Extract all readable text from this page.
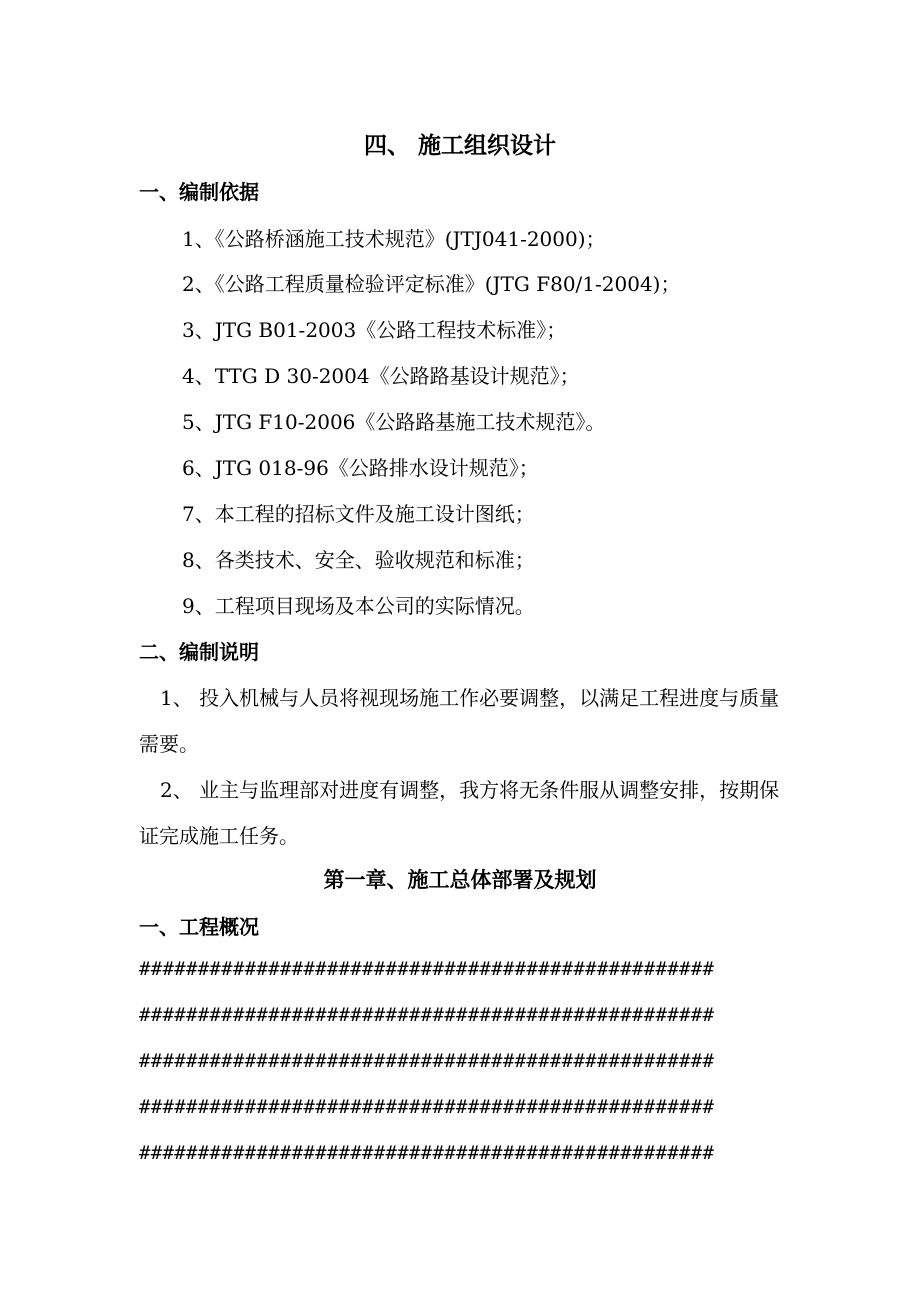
四、 施工组织设计
一、编制依据
1、《公路桥涵施工技术规范》(JTJ041-2000)；
2、《公路工程质量检验评定标准》(JTG F80/1-2004)；
3、JTG B01-2003《公路工程技术标准》；
4、TTG D 30-2004《公路路基设计规范》；
5、JTG F10-2006《公路路基施工技术规范》。
6、JTG 018-96《公路排水设计规范》；
7、本工程的招标文件及施工设计图纸；
8、各类技术、安全、验收规范和标准；
9、工程项目现场及本公司的实际情况。
二、编制说明
1、 投入机械与人员将视现场施工作必要调整，以满足工程进度与质量
需要。
2、 业主与监理部对进度有调整，我方将无条件服从调整安排，按期保
证完成施工任务。
第一章、施工总体部署及规划
一、工程概况
#################################################
#################################################
#################################################
#################################################
#################################################
